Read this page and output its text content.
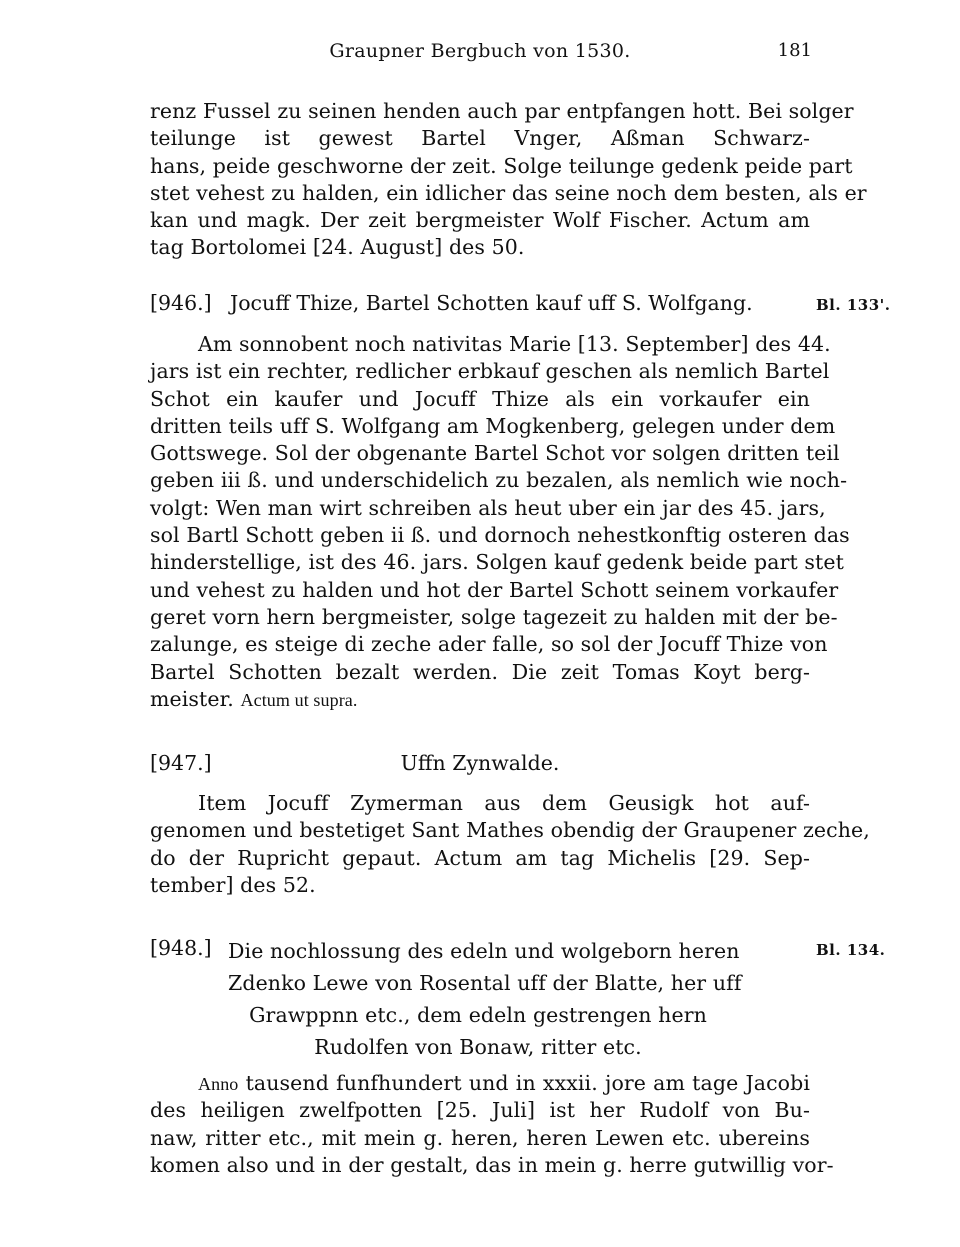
Graupner Bergbuch von 1530.	181
renz Fussel zu seinen henden auch par entpfangen hott. Bei solger
teilunge ist gewest Bartel Vnger, Aßman Schwarz-
hans, peide geschworne der zeit. Solge teilunge gedenk peide part
stet vehest zu halden, ein idlicher das seine noch dem besten, als er
kan und magk. Der zeit bergmeister Wolf Fischer. Actum am
tag Bortolomei [24. August] des 50.
[946.] Jocuff Thize, Bartel Schotten kauf uff S. Wolfgang.	Bl. 133'.
Am sonnobent noch nativitas Marie [13. September] des 44.
jars ist ein rechter, redlicher erbkauf geschen als nemlich Bartel
Schot ein kaufer und Jocuff Thize als ein vorkaufer ein
dritten teils uff S. Wolfgang am Mogkenberg, gelegen under dem
Gottswege. Sol der obgenante Bartel Schot vor solgen dritten teil
geben iii ß. und underschidelich zu bezalen, als nemlich wie noch-
volgt: Wen man wirt schreiben als heut uber ein jar des 45. jars,
sol Bartl Schott geben ii ß. und dornoch nehestkonftig osteren das
hinderstellige, ist des 46. jars. Solgen kauf gedenk beide part stet
und vehest zu halden und hot der Bartel Schott seinem vorkaufer
geret vorn hern bergmeister, solge tagezeit zu halden mit der be-
zalunge, es steige di zeche ader falle, so sol der Jocuff Thize von
Bartel Schotten bezalt werden. Die zeit Tomas Koyt berg-
meister. Actum ut supra.
[947.]	Uffn Zynwalde.
Item Jocuff Zymerman aus dem Geusigk hot auf-
genomen und bestetiget Sant Mathes obendig der Graupener zeche,
do der Rupricht gepaut. Actum am tag Michelis [29. Sep-
tember] des 52.
[948.]	Bl. 134.
Die nochlossung des edeln und wolgeborn heren
Zdenko Lewe von Rosental uff der Blatte, her uff
Grawppnn etc., dem edeln gestrengen hern
Rudolfen von Bonaw, ritter etc.
Anno tausend funfhundert und in xxxii. jore am tage Jacobi
des heiligen zwelfpotten [25. Juli] ist her Rudolf von Bu-
naw, ritter etc., mit mein g. heren, heren Lewen etc. ubereins
komen also und in der gestalt, das in mein g. herre gutwillig vor-
